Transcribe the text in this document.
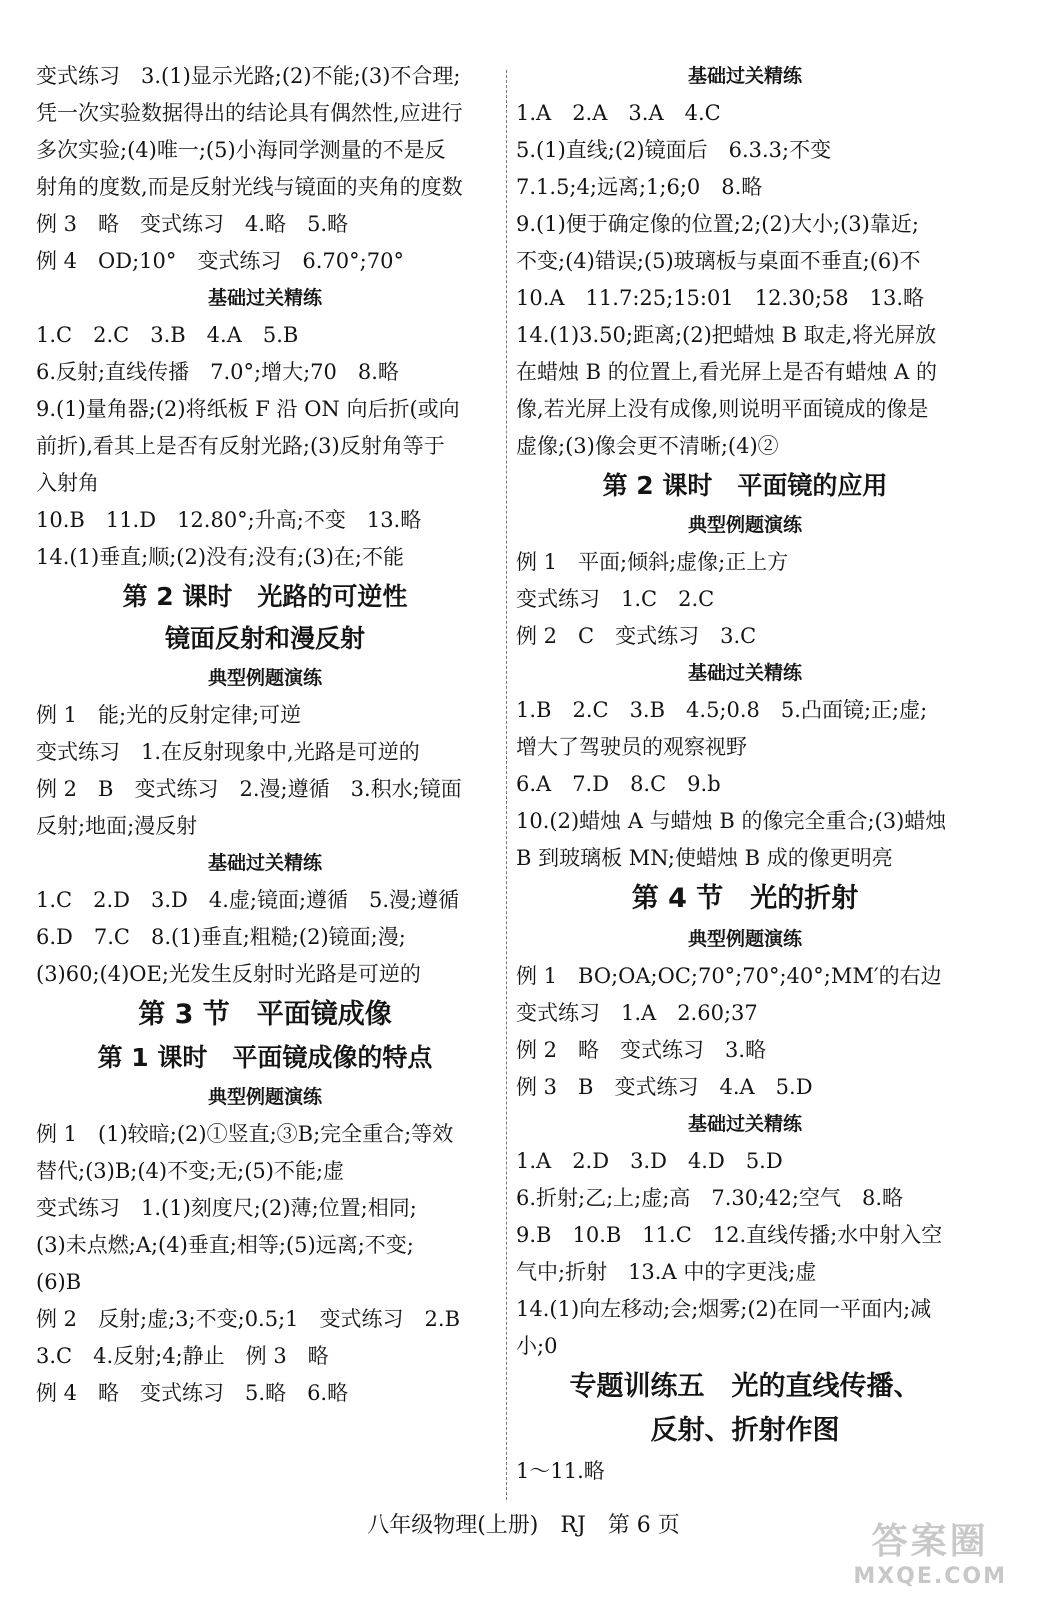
变式练习　3.(1)显示光路;(2)不能;(3)不合理;
凭一次实验数据得出的结论具有偶然性,应进行
多次实验;(4)唯一;(5)小海同学测量的不是反
射角的度数,而是反射光线与镜面的夹角的度数
例 3　略　变式练习　4.略　5.略
例 4　OD;10°　变式练习　6.70°;70°
基础过关精练
1.C　2.C　3.B　4.A　5.B
6.反射;直线传播　7.0°;增大;70　8.略
9.(1)量角器;(2)将纸板 F 沿 ON 向后折(或向
前折),看其上是否有反射光路;(3)反射角等于
入射角
10.B　11.D　12.80°;升高;不变　13.略
14.(1)垂直;顺;(2)没有;没有;(3)在;不能
第 2 课时　光路的可逆性
镜面反射和漫反射
典型例题演练
例 1　能;光的反射定律;可逆
变式练习　1.在反射现象中,光路是可逆的
例 2　B　变式练习　2.漫;遵循　3.积水;镜面
反射;地面;漫反射
基础过关精练
1.C　2.D　3.D　4.虚;镜面;遵循　5.漫;遵循
6.D　7.C　8.(1)垂直;粗糙;(2)镜面;漫;
(3)60;(4)OE;光发生反射时光路是可逆的
第 3 节　平面镜成像
第 1 课时　平面镜成像的特点
典型例题演练
例 1　(1)较暗;(2)①竖直;③B;完全重合;等效
替代;(3)B;(4)不变;无;(5)不能;虚
变式练习　1.(1)刻度尺;(2)薄;位置;相同;
(3)未点燃;A;(4)垂直;相等;(5)远离;不变;
(6)B
例 2　反射;虚;3;不变;0.5;1　变式练习　2.B
3.C　4.反射;4;静止　例 3　略
例 4　略　变式练习　5.略　6.略
基础过关精练
1.A　2.A　3.A　4.C
5.(1)直线;(2)镜面后　6.3.3;不变
7.1.5;4;远离;1;6;0　8.略
9.(1)便于确定像的位置;2;(2)大小;(3)靠近;
不变;(4)错误;(5)玻璃板与桌面不垂直;(6)不
10.A　11.7:25;15:01　12.30;58　13.略
14.(1)3.50;距离;(2)把蜡烛 B 取走,将光屏放
在蜡烛 B 的位置上,看光屏上是否有蜡烛 A 的
像,若光屏上没有成像,则说明平面镜成的像是
虚像;(3)像会更不清晰;(4)②
第 2 课时　平面镜的应用
典型例题演练
例 1　平面;倾斜;虚像;正上方
变式练习　1.C　2.C
例 2　C　变式练习　3.C
基础过关精练
1.B　2.C　3.B　4.5;0.8　5.凸面镜;正;虚;
增大了驾驶员的观察视野
6.A　7.D　8.C　9.b
10.(2)蜡烛 A 与蜡烛 B 的像完全重合;(3)蜡烛
B 到玻璃板 MN;使蜡烛 B 成的像更明亮
第 4 节　光的折射
典型例题演练
例 1　BO;OA;OC;70°;70°;40°;MM′的右边
变式练习　1.A　2.60;37
例 2　略　变式练习　3.略
例 3　B　变式练习　4.A　5.D
基础过关精练
1.A　2.D　3.D　4.D　5.D
6.折射;乙;上;虚;高　7.30;42;空气　8.略
9.B　10.B　11.C　12.直线传播;水中射入空
气中;折射　13.A 中的字更浅;虚
14.(1)向左移动;会;烟雾;(2)在同一平面内;减
小;0
专题训练五　光的直线传播、
反射、折射作图
1～11.略
八年级物理(上册)　RJ　第 6 页	答案圈
MXQE.COM
